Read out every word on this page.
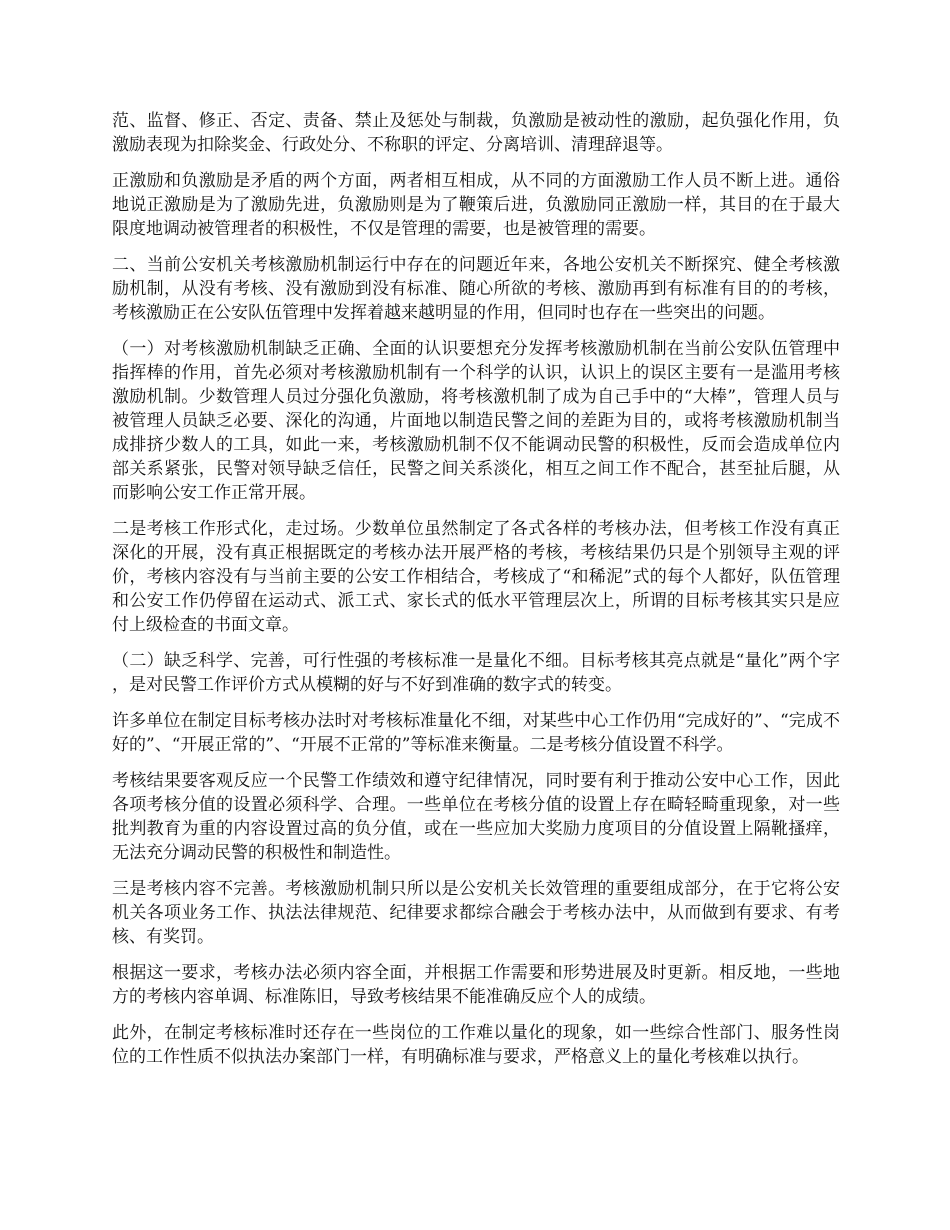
范、监督、修正、否定、责备、禁止及惩处与制裁，负激励是被动性的激励，起负强化作用，负激励表现为扣除奖金、行政处分、不称职的评定、分离培训、清理辞退等。

正激励和负激励是矛盾的两个方面，两者相互相成，从不同的方面激励工作人员不断上进。通俗地说正激励是为了激励先进，负激励则是为了鞭策后进，负激励同正激励一样，其目的在于最大限度地调动被管理者的积极性，不仅是管理的需要，也是被管理的需要。

二、当前公安机关考核激励机制运行中存在的问题近年来，各地公安机关不断探究、健全考核激励机制，从没有考核、没有激励到没有标准、随心所欲的考核、激励再到有标准有目的的考核，考核激励正在公安队伍管理中发挥着越来越明显的作用，但同时也存在一些突出的问题。

（一）对考核激励机制缺乏正确、全面的认识要想充分发挥考核激励机制在当前公安队伍管理中指挥棒的作用，首先必须对考核激励机制有一个科学的认识，认识上的误区主要有一是滥用考核激励机制。少数管理人员过分强化负激励，将考核激机制了成为自己手中的“大棒”，管理人员与被管理人员缺乏必要、深化的沟通，片面地以制造民警之间的差距为目的，或将考核激励机制当成排挤少数人的工具，如此一来，考核激励机制不仅不能调动民警的积极性，反而会造成单位内部关系紧张，民警对领导缺乏信任，民警之间关系淡化，相互之间工作不配合，甚至扯后腿，从而影响公安工作正常开展。

二是考核工作形式化，走过场。少数单位虽然制定了各式各样的考核办法，但考核工作没有真正深化的开展，没有真正根据既定的考核办法开展严格的考核，考核结果仍只是个别领导主观的评价，考核内容没有与当前主要的公安工作相结合，考核成了“和稀泥”式的每个人都好，队伍管理和公安工作仍停留在运动式、派工式、家长式的低水平管理层次上，所谓的目标考核其实只是应付上级检查的书面文章。

（二）缺乏科学、完善，可行性强的考核标准一是量化不细。目标考核其亮点就是“量化”两个字，是对民警工作评价方式从模糊的好与不好到准确的数字式的转变。

许多单位在制定目标考核办法时对考核标准量化不细，对某些中心工作仍用“完成好的”、“完成不好的”、“开展正常的”、“开展不正常的”等标准来衡量。二是考核分值设置不科学。

考核结果要客观反应一个民警工作绩效和遵守纪律情况，同时要有利于推动公安中心工作，因此各项考核分值的设置必须科学、合理。一些单位在考核分值的设置上存在畸轻畸重现象，对一些批判教育为重的内容设置过高的负分值，或在一些应加大奖励力度项目的分值设置上隔靴搔痒，无法充分调动民警的积极性和制造性。

三是考核内容不完善。考核激励机制只所以是公安机关长效管理的重要组成部分，在于它将公安机关各项业务工作、执法法律规范、纪律要求都综合融会于考核办法中，从而做到有要求、有考核、有奖罚。

根据这一要求，考核办法必须内容全面，并根据工作需要和形势进展及时更新。相反地，一些地方的考核内容单调、标准陈旧，导致考核结果不能准确反应个人的成绩。

此外，在制定考核标准时还存在一些岗位的工作难以量化的现象，如一些综合性部门、服务性岗位的工作性质不似执法办案部门一样，有明确标准与要求，严格意义上的量化考核难以执行。
